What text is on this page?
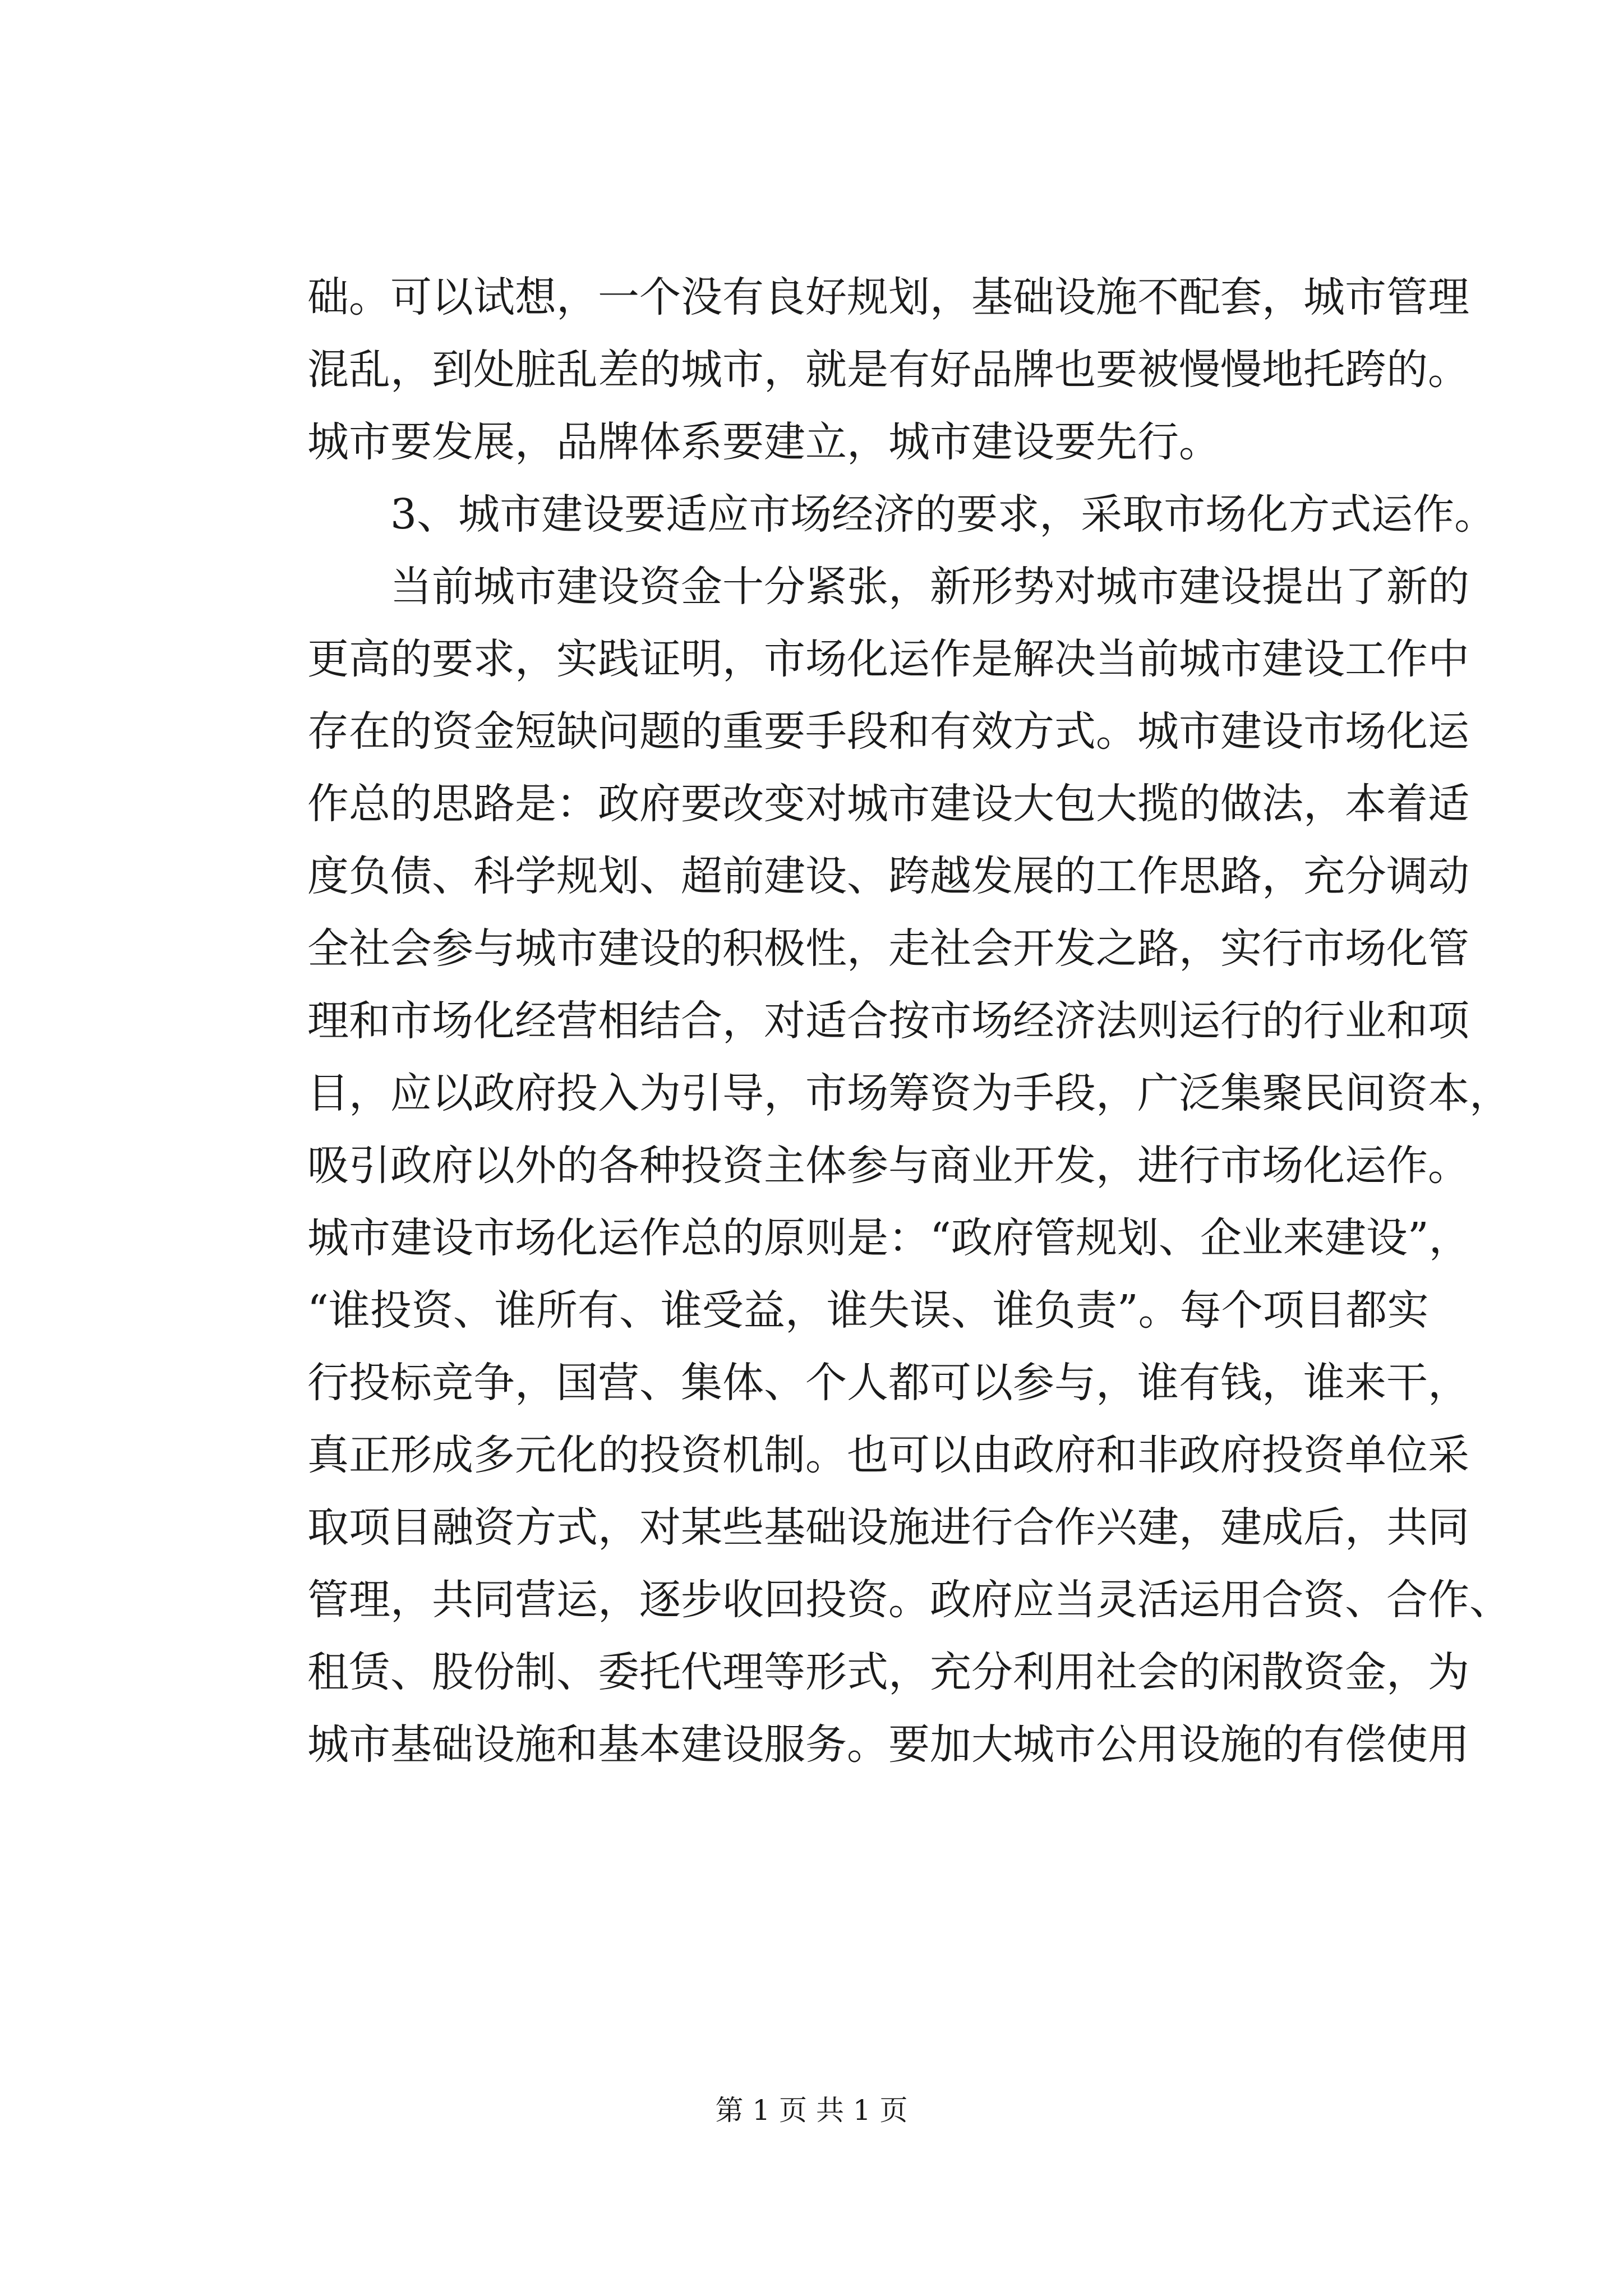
础。可以试想，一个没有良好规划，基础设施不配套，城市管理
混乱，到处脏乱差的城市，就是有好品牌也要被慢慢地托跨的。
城市要发展，品牌体系要建立，城市建设要先行。
3、城市建设要适应市场经济的要求，采取市场化方式运作。
当前城市建设资金十分紧张，新形势对城市建设提出了新的
更高的要求，实践证明，市场化运作是解决当前城市建设工作中
存在的资金短缺问题的重要手段和有效方式。城市建设市场化运
作总的思路是：政府要改变对城市建设大包大揽的做法，本着适
度负债、科学规划、超前建设、跨越发展的工作思路，充分调动
全社会参与城市建设的积极性，走社会开发之路，实行市场化管
理和市场化经营相结合，对适合按市场经济法则运行的行业和项
目，应以政府投入为引导，市场筹资为手段，广泛集聚民间资本，
吸引政府以外的各种投资主体参与商业开发，进行市场化运作。
城市建设市场化运作总的原则是：“政府管规划、企业来建设”，
“谁投资、谁所有、谁受益，谁失误、谁负责”。每个项目都实
行投标竞争，国营、集体、个人都可以参与，谁有钱，谁来干，
真正形成多元化的投资机制。也可以由政府和非政府投资单位采
取项目融资方式，对某些基础设施进行合作兴建，建成后，共同
管理，共同营运，逐步收回投资。政府应当灵活运用合资、合作、
租赁、股份制、委托代理等形式，充分利用社会的闲散资金，为
城市基础设施和基本建设服务。要加大城市公用设施的有偿使用
第 1 页 共 1 页
